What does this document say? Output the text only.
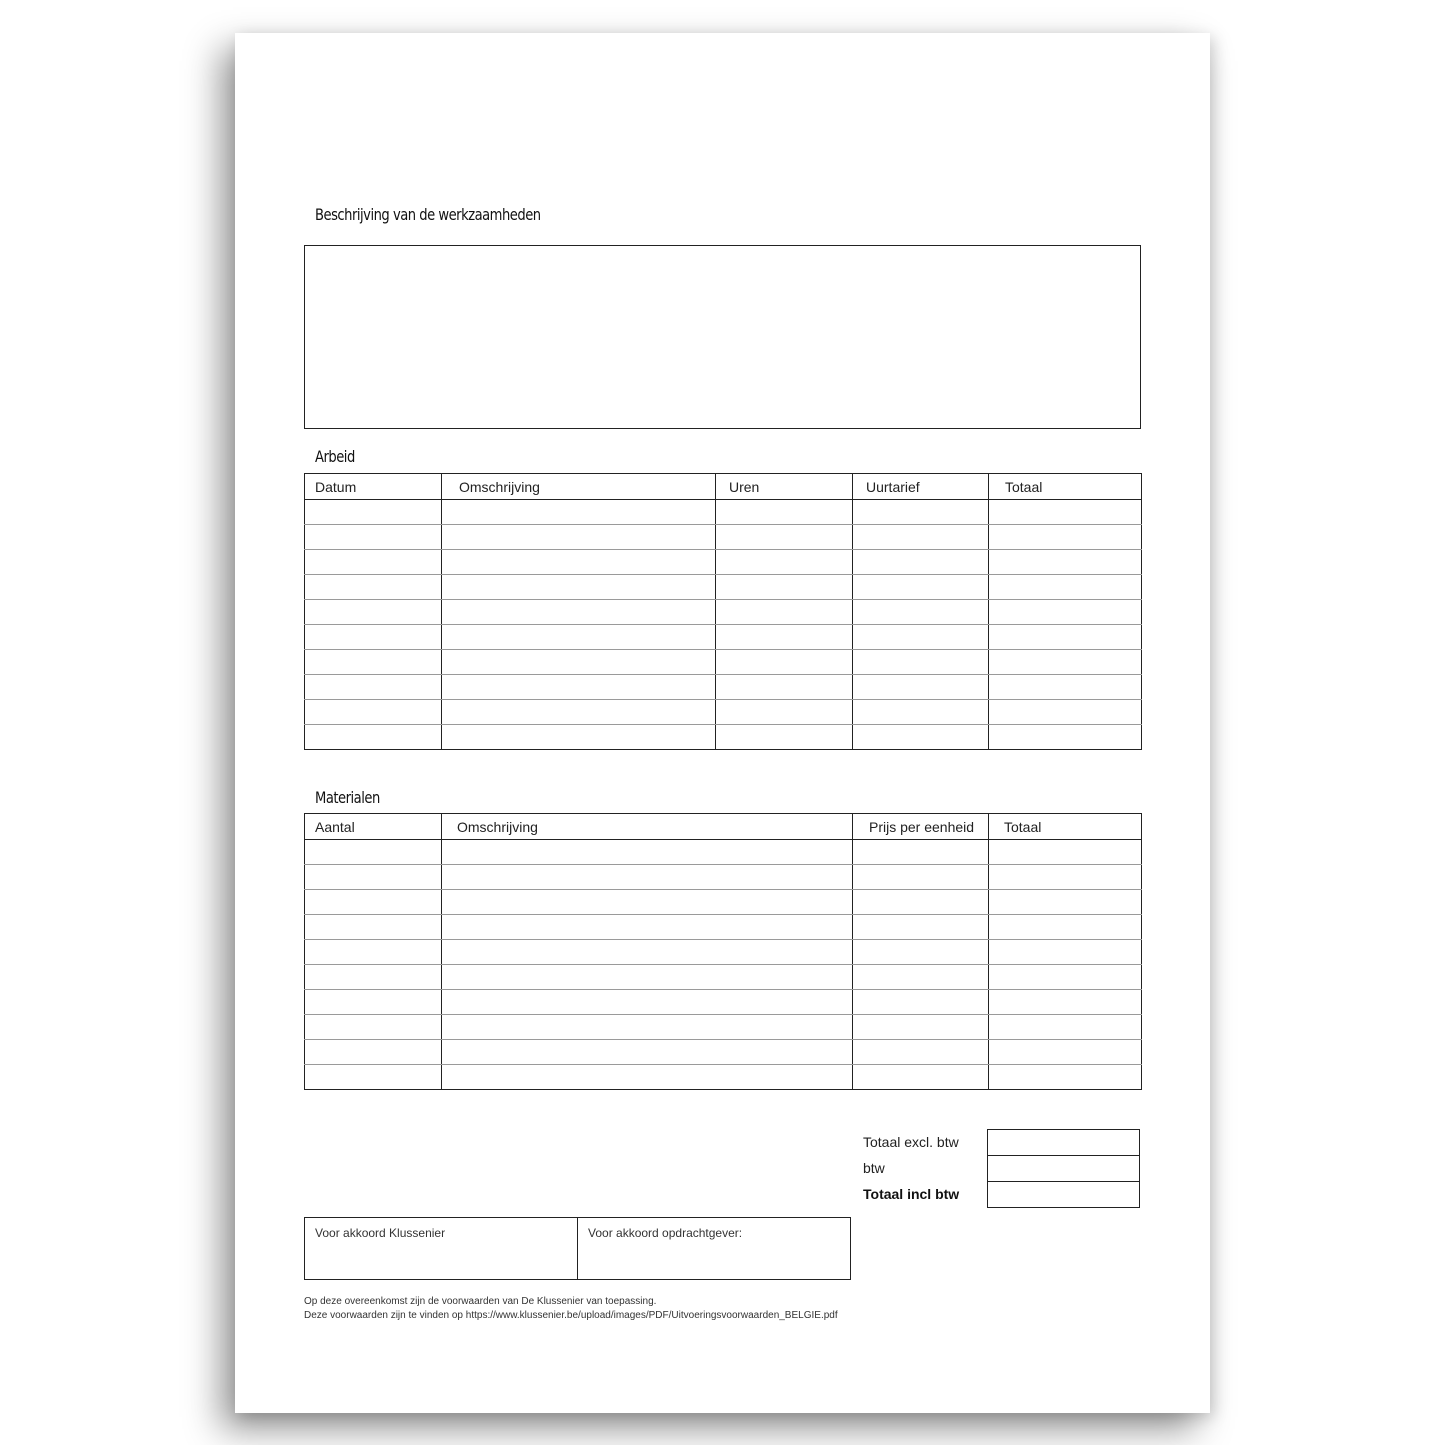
Beschrijving van de werkzaamheden
Arbeid
Datum	Omschrijving	Uren	Uurtarief	Totaal

Materialen
Aantal	Omschrijving	Prijs per eenheid	Totaal

Totaal excl. btw
btw
Totaal incl btw
Voor akkoord Klussenier	Voor akkoord opdrachtgever:
Op deze overeenkomst zijn de voorwaarden van De Klussenier van toepassing.
Deze voorwaarden zijn te vinden op https://www.klussenier.be/upload/images/PDF/Uitvoeringsvoorwaarden_BELGIE.pdf
